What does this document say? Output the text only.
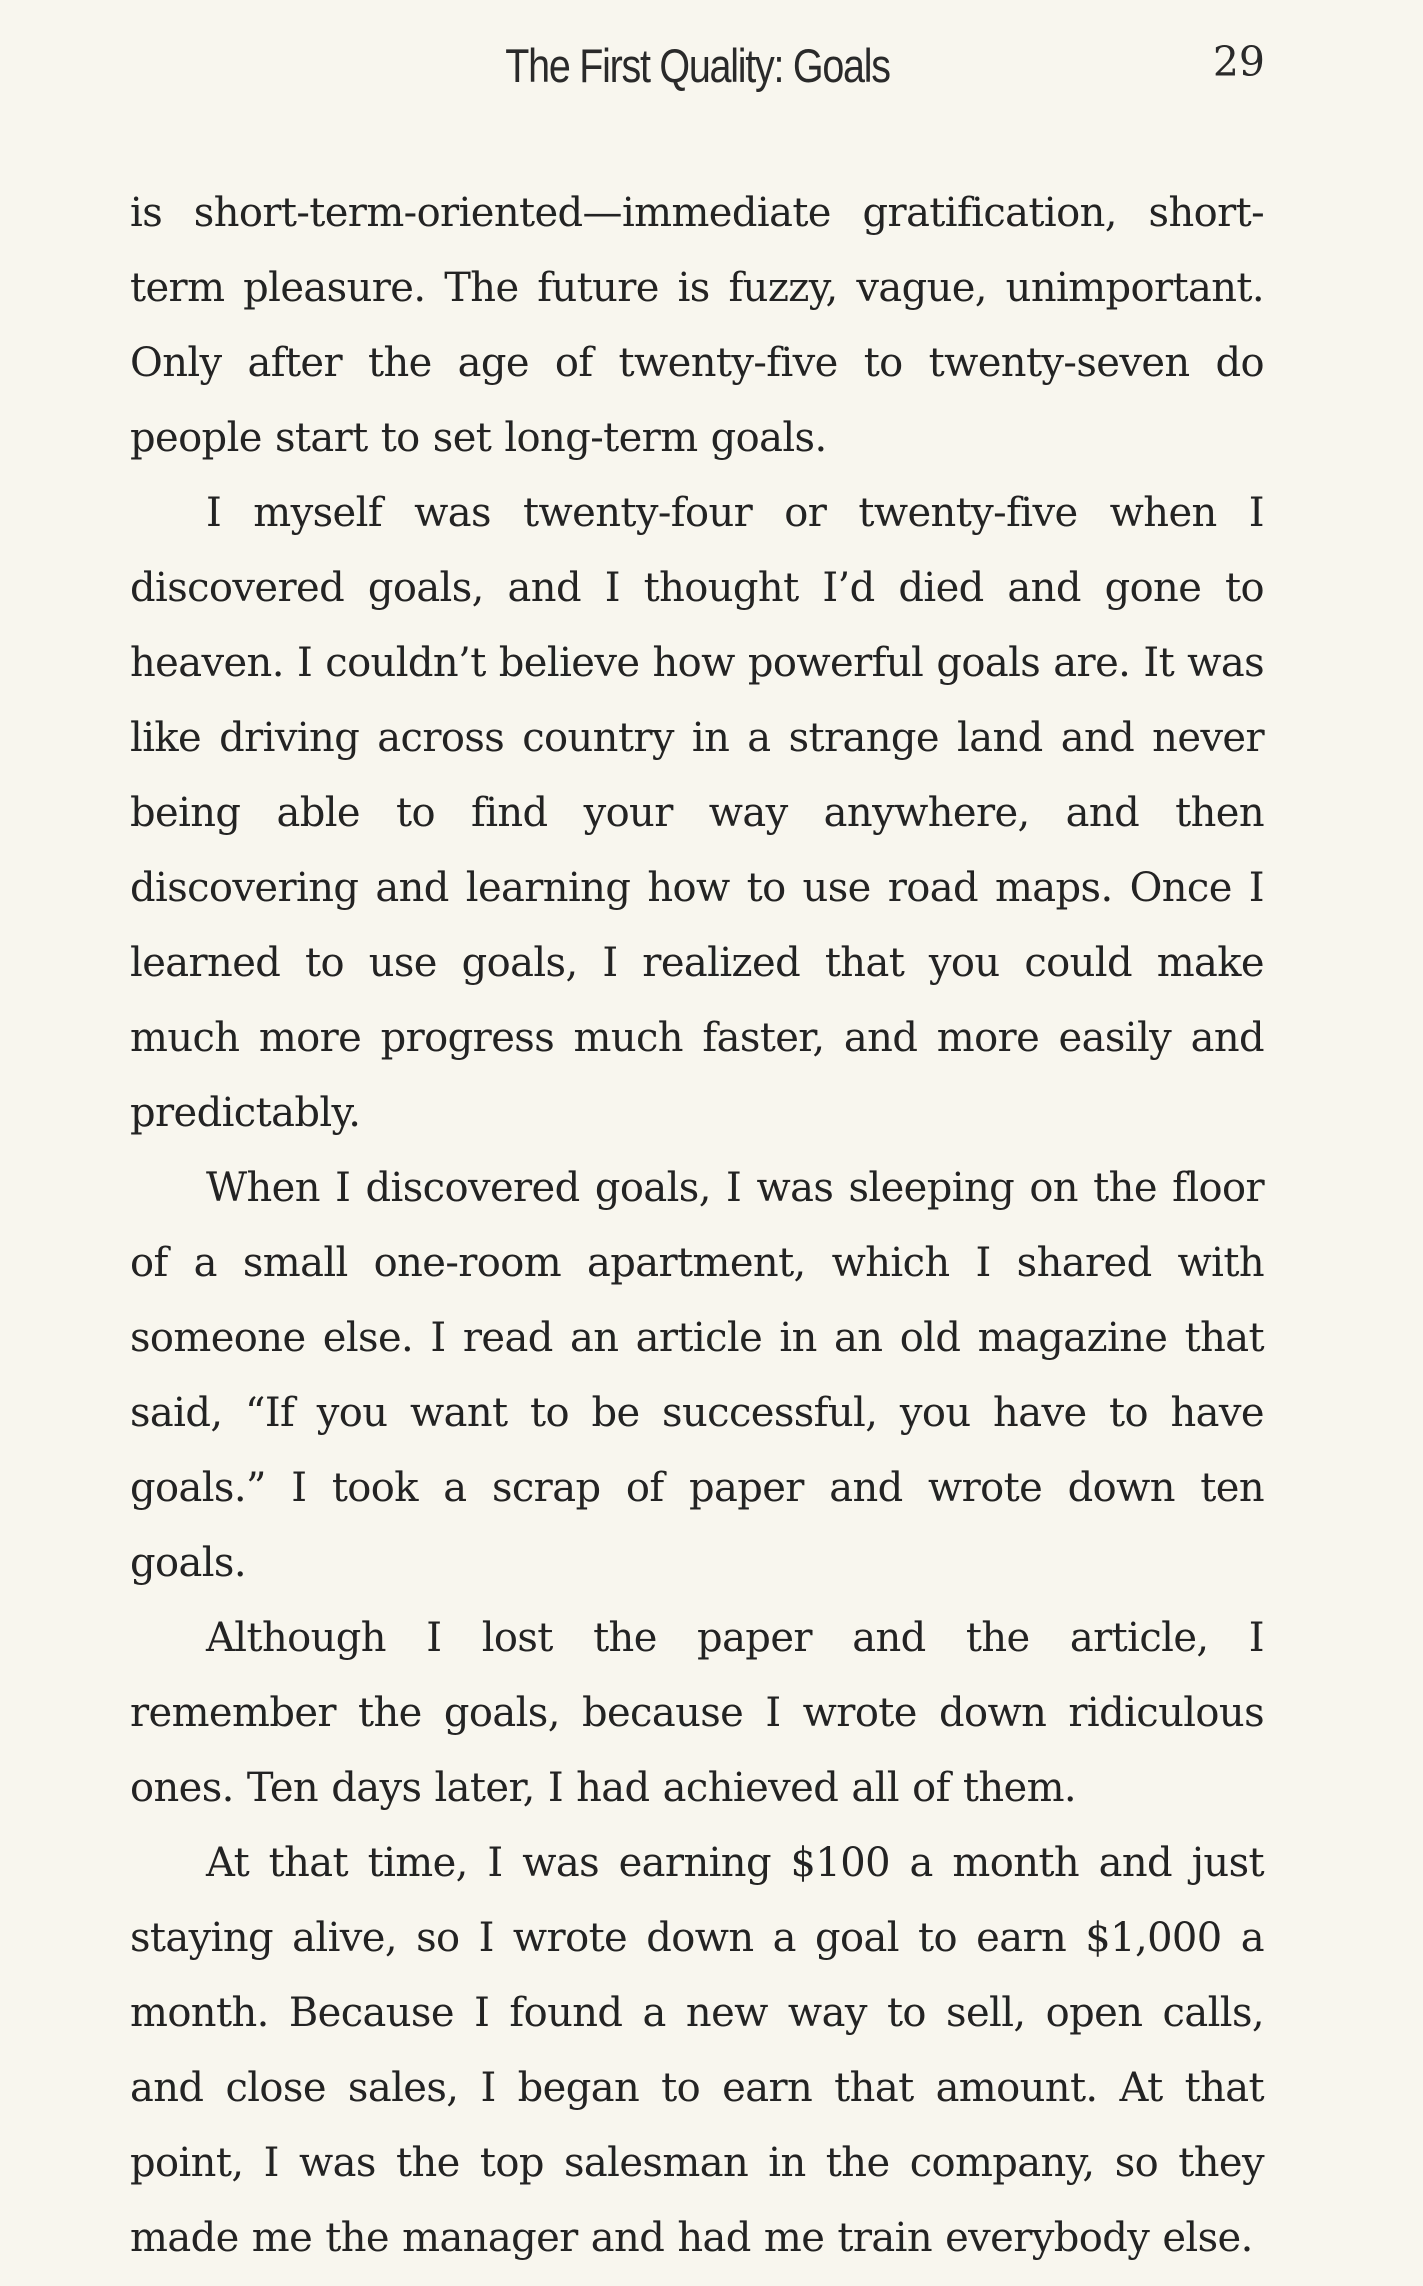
The First Quality: Goals	29

is short-term-oriented—immediate gratification, short-term pleasure. The future is fuzzy, vague, unimportant. Only after the age of twenty-five to twenty-seven do people start to set long-term goals.

I myself was twenty-four or twenty-five when I discovered goals, and I thought I’d died and gone to heaven. I couldn’t believe how powerful goals are. It was like driving across country in a strange land and never being able to find your way anywhere, and then discovering and learning how to use road maps. Once I learned to use goals, I realized that you could make much more progress much faster, and more easily and predictably.

When I discovered goals, I was sleeping on the floor of a small one-room apartment, which I shared with someone else. I read an article in an old magazine that said, “If you want to be successful, you have to have goals.” I took a scrap of paper and wrote down ten goals.

Although I lost the paper and the article, I remember the goals, because I wrote down ridiculous ones. Ten days later, I had achieved all of them.

At that time, I was earning $100 a month and just staying alive, so I wrote down a goal to earn $1,000 a month. Because I found a new way to sell, open calls, and close sales, I began to earn that amount. At that point, I was the top salesman in the company, so they made me the manager and had me train everybody else.
